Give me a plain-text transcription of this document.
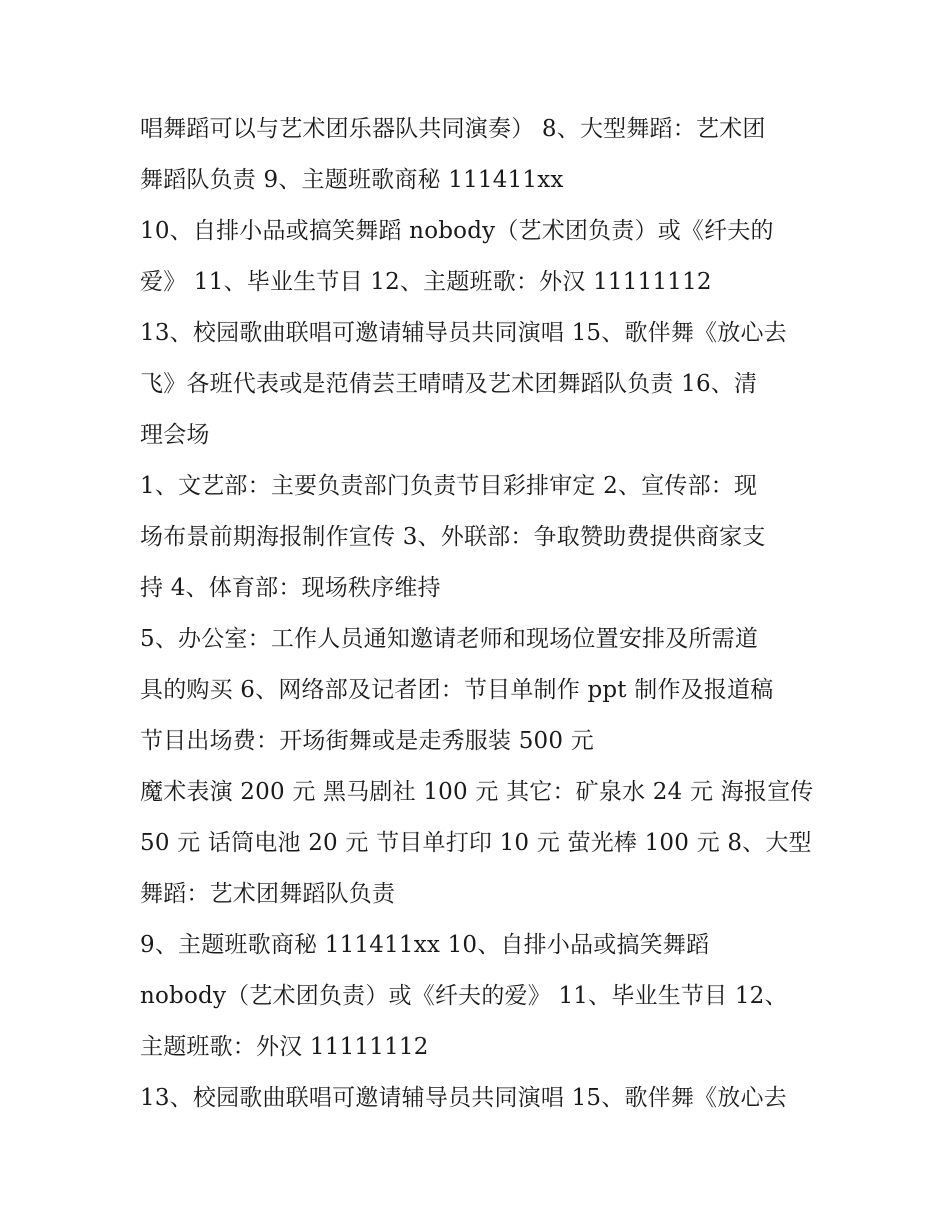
唱舞蹈可以与艺术团乐器队共同演奏） 8、大型舞蹈：艺术团
舞蹈队负责 9、主题班歌商秘 111411xx
10、自排小品或搞笑舞蹈 nobody（艺术团负责）或《纤夫的
爱》 11、毕业生节目 12、主题班歌：外汉 11111112
13、校园歌曲联唱可邀请辅导员共同演唱 15、歌伴舞《放心去
飞》各班代表或是范倩芸王晴晴及艺术团舞蹈队负责 16、清
理会场
1、文艺部：主要负责部门负责节目彩排审定 2、宣传部：现
场布景前期海报制作宣传 3、外联部：争取赞助费提供商家支
持 4、体育部：现场秩序维持
5、办公室：工作人员通知邀请老师和现场位置安排及所需道
具的购买 6、网络部及记者团：节目单制作 ppt 制作及报道稿
节目出场费：开场街舞或是走秀服装 500 元
魔术表演 200 元 黑马剧社 100 元 其它：矿泉水 24 元 海报宣传
50 元 话筒电池 20 元 节目单打印 10 元 萤光棒 100 元 8、大型
舞蹈：艺术团舞蹈队负责
9、主题班歌商秘 111411xx 10、自排小品或搞笑舞蹈
nobody（艺术团负责）或《纤夫的爱》 11、毕业生节目 12、
主题班歌：外汉 11111112
13、校园歌曲联唱可邀请辅导员共同演唱 15、歌伴舞《放心去
